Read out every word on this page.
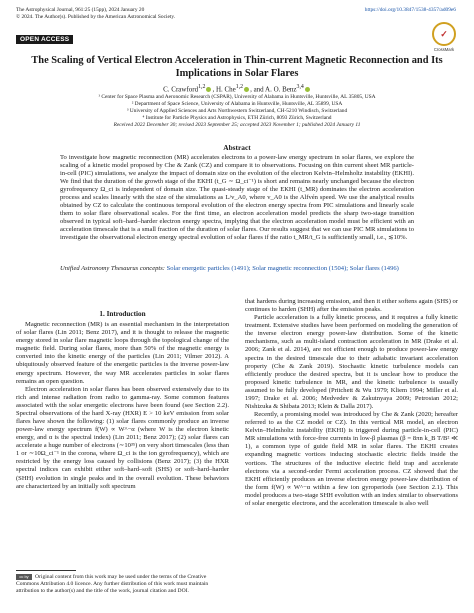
The Astrophysical Journal, 961:25 (15pp), 2024 January 20
© 2024. The Author(s). Published by the American Astronomical Society.
https://doi.org/10.3847/1538-4357/ad09e6
OPEN ACCESS
✓
CrossMark
The Scaling of Vertical Electron Acceleration in Thin-current Magnetic Reconnection and Its Implications in Solar Flares
C. Crawford$^{1,2}$ , H. Che$^{1,2}$ , and A. O. Benz$^{3,4}$
¹ Center for Space Plasma and Aeronomic Research (CSPAR), University of Alabama in Huntsville, Huntsville, AL 35805, USA
² Department of Space Science, University of Alabama in Huntsville, Huntsville, AL 35899, USA
³ University of Applied Sciences and Arts Northwestern Switzerland, CH-5210 Windisch, Switzerland
⁴ Institute for Particle Physics and Astrophysics, ETH Zürich, 8093 Zürich, Switzerland
Received 2022 December 30; revised 2023 September 25; accepted 2023 November 1; published 2024 January 11
Abstract
To investigate how magnetic reconnection (MR) accelerates electrons to a power-law energy spectrum in solar flares, we explore the scaling of a kinetic model proposed by Che & Zank (CZ) and compare it to observations. Focusing on thin current sheet MR particle-in-cell (PIC) simulations, we analyze the impact of domain size on the evolution of the electron Kelvin–Helmholtz instability (EKHI). We find that the duration of the growth stage of the EKHI (t_G ∼ Ω_ci⁻¹) is short and remains nearly unchanged because the electron gyrofrequency Ω_ci is independent of domain size. The quasi-steady stage of the EKHI (t_MR) dominates the electron acceleration process and scales linearly with the size of the simulations as L/v_A0, where v_A0 is the Alfvén speed. We use the analytical results obtained by CZ to calculate the continuous temporal evolution of the electron energy spectra from PIC simulations and linearly scale them to solar flare observational scales. For the first time, an electron acceleration model predicts the sharp two-stage transition observed in typical soft–hard–harder electron energy spectra, implying that the electron acceleration model must be efficient with an acceleration timescale that is a small fraction of the duration of solar flares. Our results suggest that we can use PIC MR simulations to investigate the observational electron energy spectral evolution of solar flares if the ratio t_MR/t_G is sufficiently small, i.e., ≲10%.
Unified Astronomy Thesaurus concepts: Solar energetic particles (1491); Solar magnetic reconnection (1504); Solar flares (1496)
1. Introduction

Magnetic reconnection (MR) is an essential mechanism in the interpretation of solar flares (Lin 2011; Benz 2017), and it is thought to release the magnetic energy stored in solar flare magnetic loops through the topological change of the magnetic field. During solar flares, more than 50% of the magnetic energy is converted into the kinetic energy of the particles (Lin 2011; Vilmer 2012). A ubiquitously observed feature of the energetic particles is the inverse power-law energy spectrum. However, the way MR accelerates particles in solar flares remains an open question.

Electron acceleration in solar flares has been observed extensively due to its rich and intense radiation from radio to gamma-ray. Some common features associated with the solar energetic electrons have been found (see Section 2.2). Spectral observations of the hard X-ray (HXR) E > 10 keV emission from solar flares have shown the following: (1) solar flares commonly produce an inverse power-law energy spectrum f(W) ∝ W^−α (where W is the electron kinetic energy, and α is the spectral index) (Lin 2011; Benz 2017); (2) solar flares can accelerate a huge number of electrons (∼10³⁵) on very short timescales (less than 1 or ∼10Ω_ci⁻¹ in the corona, where Ω_ci is the ion gyrofrequency), which are restricted by the energy loss caused by collisions (Benz 2017); (3) the HXR spectral indices can exhibit either soft–hard–soft (SHS) or soft–hard–harder (SHH) evolution in single peaks and in the overall evolution. These behaviors are characterized by an initially soft spectrum

that hardens during increasing emission, and then it either softens again (SHS) or continues to harden (SHH) after the emission peaks.

Particle acceleration is a fully kinetic process, and it requires a fully kinetic treatment. Extensive studies have been performed on modeling the generation of the inverse electron energy power-law distribution. Some of the kinetic mechanisms, such as multi-island contraction acceleration in MR (Drake et al. 2006; Zank et al. 2014), are not efficient enough to produce power-law energy spectra in the desired timescale due to their adiabatic invariant acceleration property (Che & Zank 2019). Stochastic kinetic turbulence models can efficiently produce the desired spectra, but it is unclear how to produce the proposed kinetic turbulence in MR, and the kinetic turbulence is usually assumed to be fully developed (Pritchett & Wu 1979; Kliem 1994; Miller et al. 1997; Drake et al. 2006; Medvedev & Zakutnyaya 2009; Petrosian 2012; Nishizuka & Shibata 2013; Klein & Dalla 2017).

Recently, a promising model was introduced by Che & Zank (2020; hereafter referred to as the CZ model or CZ). In this vertical MR model, an electron Kelvin–Helmholtz instability (EKHI) is triggered during particle-in-cell (PIC) MR simulations with force-free currents in low-β plasmas (β = 8πn k_B T/B² ≪ 1), a common type of guide field MR in solar flares. The EKHI creates expanding magnetic vortices inducing stochastic electric fields inside the vortices. The structures of the inductive electric field trap and accelerate electrons via a second-order Fermi acceleration process. CZ showed that the EKHI efficiently produces an inverse electron energy power-law distribution of the form f(W) ∝ W^−α within a few ion gyroperiods (see Section 2.1). This model produces a two-stage SHH evolution with an index similar to observations of solar energetic electrons, and the acceleration timescale is also well

cc by Original content from this work may be used under the terms of the Creative Commons Attribution 4.0 licence. Any further distribution of this work must maintain attribution to the author(s) and the title of the work, journal citation and DOI.
